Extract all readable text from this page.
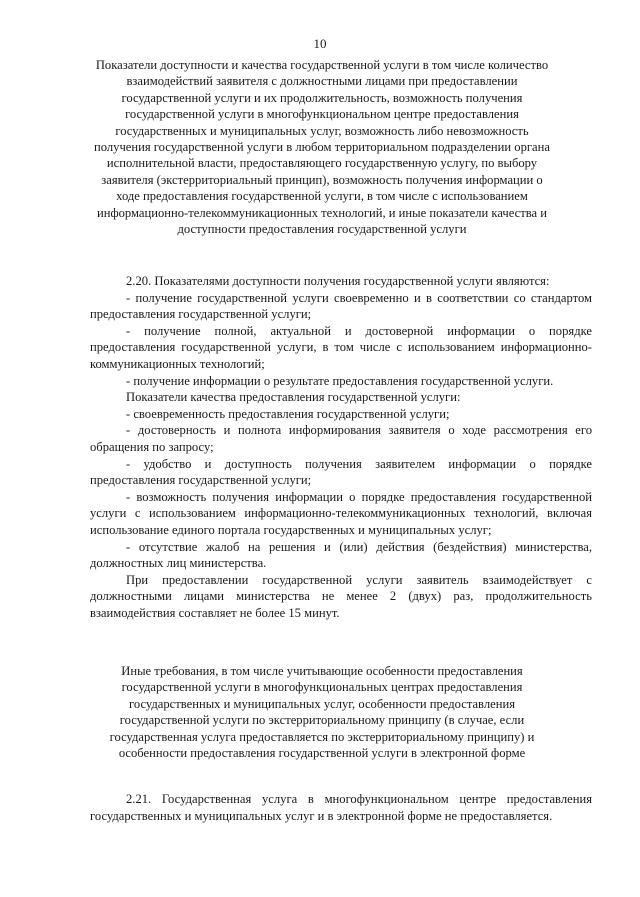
10
Показатели доступности и качества государственной услуги в том числе количество взаимодействий заявителя с должностными лицами при предоставлении государственной услуги и их продолжительность, возможность получения государственной услуги в многофункциональном центре предоставления государственных и муниципальных услуг, возможность либо невозможность получения государственной услуги в любом территориальном подразделении органа исполнительной власти, предоставляющего государственную услугу, по выбору заявителя (экстерриториальный принцип), возможность получения информации о ходе предоставления государственной услуги, в том числе с использованием информационно-телекоммуникационных технологий, и иные показатели качества и доступности предоставления государственной услуги

2.20. Показателями доступности получения государственной услуги являются:

- получение государственной услуги своевременно и в соответствии со стандартом предоставления государственной услуги;

- получение полной, актуальной и достоверной информации о порядке предоставления государственной услуги, в том числе с использованием информационно-коммуникационных технологий;

- получение информации о результате предоставления государственной услуги.

Показатели качества предоставления государственной услуги:

- своевременность предоставления государственной услуги;

- достоверность и полнота информирования заявителя о ходе рассмотрения его обращения по запросу;

- удобство и доступность получения заявителем информации о порядке предоставления государственной услуги;

- возможность получения информации о порядке предоставления государственной услуги с использованием информационно-телекоммуникационных технологий, включая использование единого портала государственных и муниципальных услуг;

- отсутствие жалоб на решения и (или) действия (бездействия) министерства, должностных лиц министерства.

При предоставлении государственной услуги заявитель взаимодействует с должностными лицами министерства не менее 2 (двух) раз, продолжительность взаимодействия составляет не более 15 минут.

Иные требования, в том числе учитывающие особенности предоставления государственной услуги в многофункциональных центрах предоставления государственных и муниципальных услуг, особенности предоставления государственной услуги по экстерриториальному принципу (в случае, если государственная услуга предоставляется по экстерриториальному принципу) и особенности предоставления государственной услуги в электронной форме

2.21. Государственная услуга в многофункциональном центре предоставления государственных и муниципальных услуг и в электронной форме не предоставляется.
